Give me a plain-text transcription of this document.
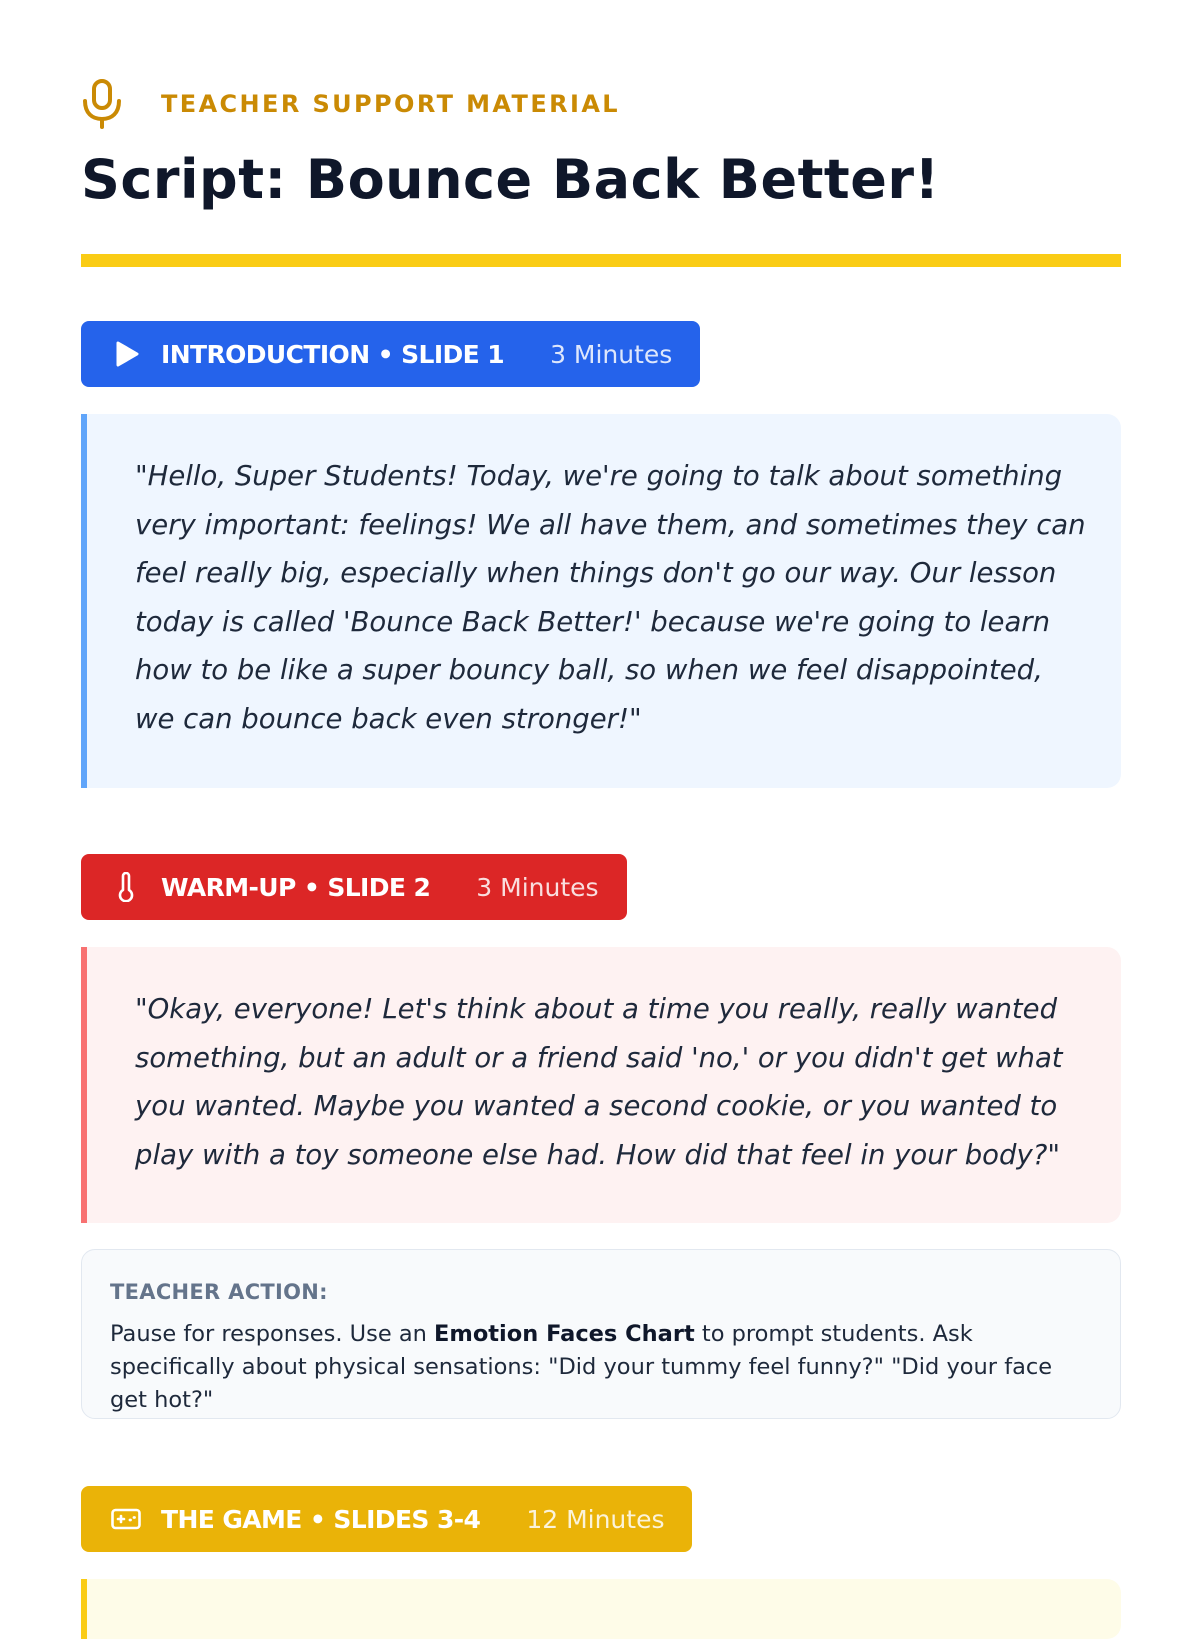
TEACHER SUPPORT MATERIAL
Script: Bounce Back Better!
INTRODUCTION • SLIDE 1 3 Minutes

"Hello, Super Students! Today, we're going to talk about something very important: feelings! We all have them, and sometimes they can feel really big, especially when things don't go our way. Our lesson today is called 'Bounce Back Better!' because we're going to learn how to be like a super bouncy ball, so when we feel disappointed, we can bounce back even stronger!"

WARM-UP • SLIDE 2 3 Minutes

"Okay, everyone! Let's think about a time you really, really wanted something, but an adult or a friend said 'no,' or you didn't get what you wanted. Maybe you wanted a second cookie, or you wanted to play with a toy someone else had. How did that feel in your body?"

TEACHER ACTION:
Pause for responses. Use an Emotion Faces Chart to prompt students. Ask specifically about physical sensations: "Did your tummy feel funny?" "Did your face get hot?"
THE GAME • SLIDES 3-4 12 Minutes
